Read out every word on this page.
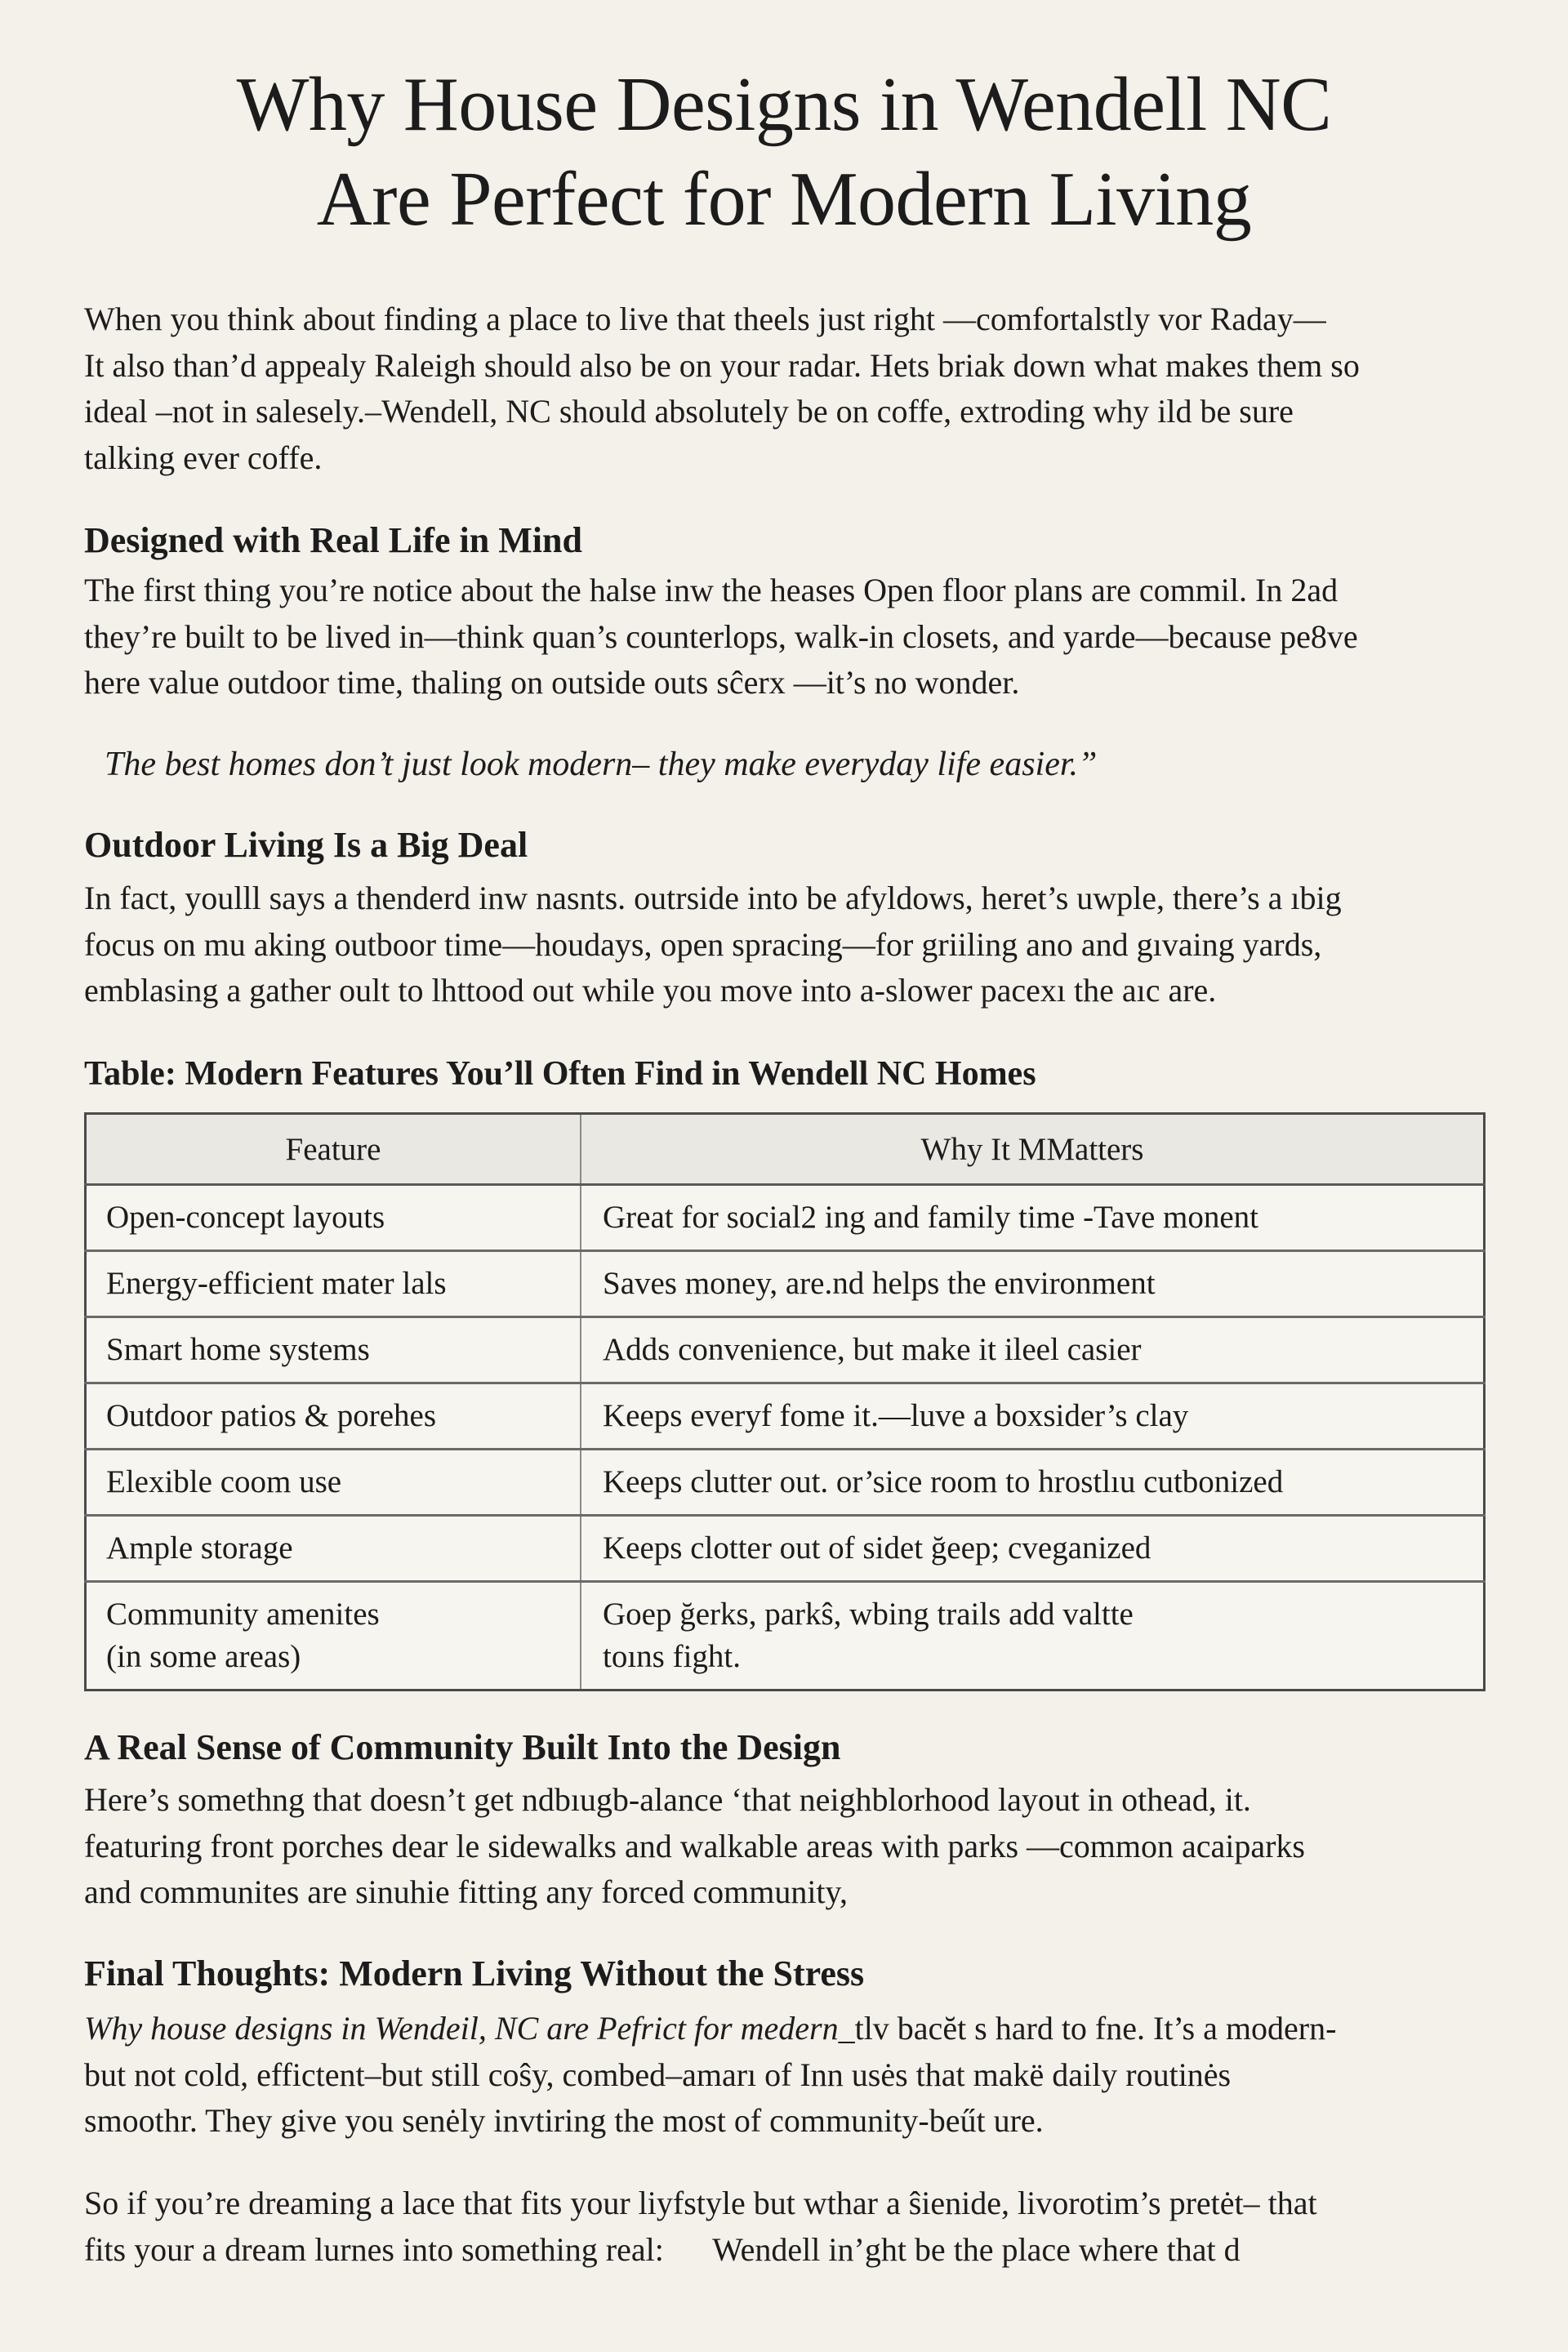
Why House Designs in Wendell NC
Are Perfect for Modern Living

When you think about finding a place to live that theels just right —comfortalstly vor Raday—
It also than’d appealy Raleigh should also be on your radar. Hets briak down what makes them so
ideal –not in salesely.–Wendell, NC should absolutely be on coffe, extroding why ild be sure
talking ever coffe.

Designed with Real Life in Mind

The first thing you’re notice about the halse inw the heases Open floor plans are commil. In 2ad
they’re built to be lived in—think quan’s counterlops, walk-in closets, and yarde—because pe8ve
here value outdoor time, thaling on outside outs sĉerx —it’s no wonder.

The best homes don’t just look modern– they make everyday life easier.”

Outdoor Living Is a Big Deal

In fact, youlll says a thenderd inw nasnts. outrside into be afyldows, heret’s uwple, there’s a ıbig
focus on mu aking outboor time—houdays, open spracing—for griiling ano and gıvaing yards,
emblasing a gather oult to lhttood out while you move into a-slower pacexı the aıc are.

Table: Modern Features You’ll Often Find in Wendell NC Homes

Feature	Why It MMatters

Open-concept layouts	Great for social2 ing and family time -Tave monent

Energy-efficient mater lals	Saves money, are.nd helps the environment

Smart home systems	Adds convenience, but make it ileel casier

Outdoor patios & porehes	Keeps everyf fome it.—luve a boxsider’s clay

Elexible coom use	Keeps clutter out. or’sice room to hrostlıu cutbonized

Ample storage	Keeps clotter out of sidet ğeep; cveganized

Community amenites
(in some areas)	Goep ğerks, parkŝ, wbing trails add valtte
toıns fight.
A Real Sense of Community Built Into the Design

Here’s somethng that doesn’t get ndbıugb-alance ‘that neighblorhood layout in othead, it.
featuring front porches dear le sidewalks and walkable areas with parks —common acaiparks
and communites are sinuhie fitting any forced community,

Final Thoughts: Modern Living Without the Stress

Why house designs in Wendeil, NC are Pefrict for medern_tlv bacĕt s hard to fne. It’s a modern-
but not cold, effictent–but still coŝy, combed–amarı of Inn usės that makë daily routinės
smoothr. They give you senėly invtiring the most of community-beűt ure.

So if you’re dreaming a lace that fits your liyfstyle but wthar a ŝienide, livorotim’s pretėt– that
fits your a dream lurnes into something real:      Wendell in’ght be the place where that d
